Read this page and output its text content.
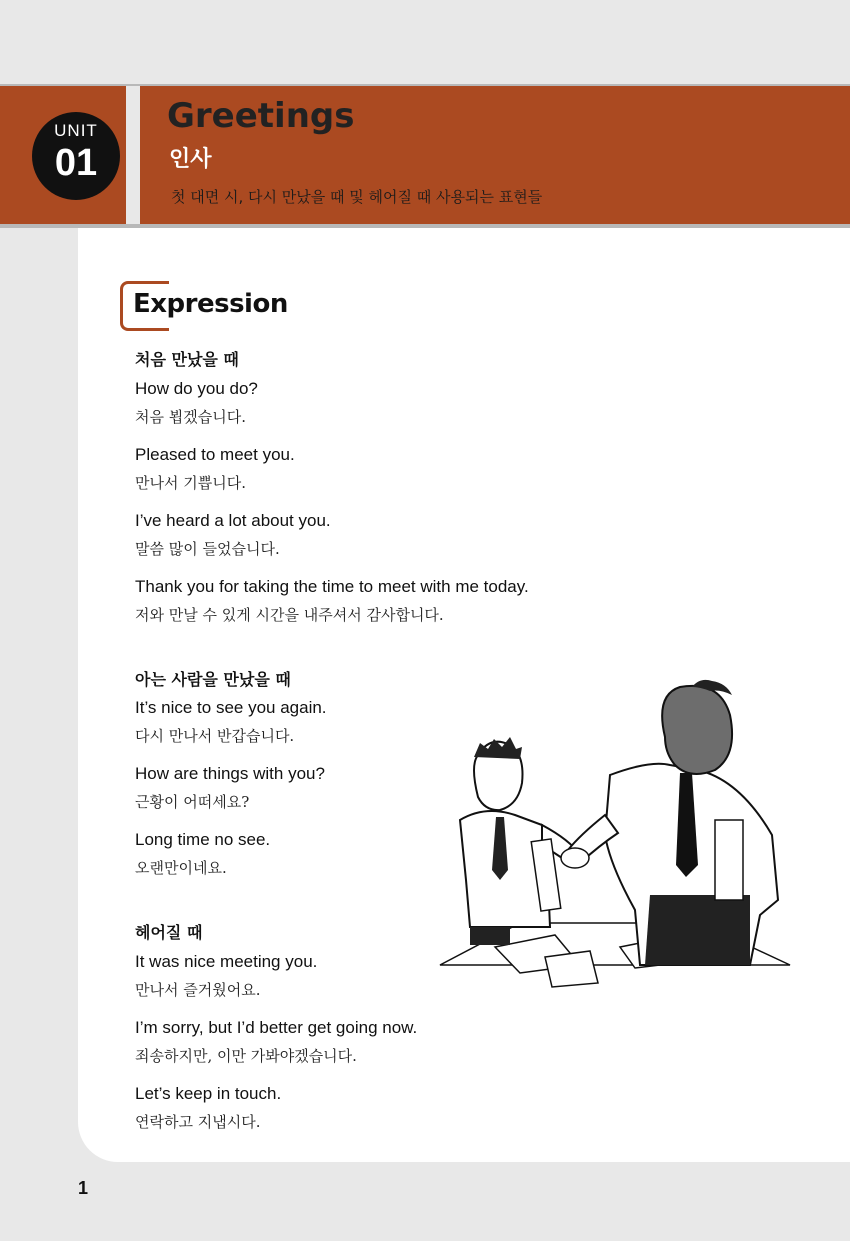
UNIT
01
Greetings
인사
첫 대면 시, 다시 만났을 때 및 헤어질 때 사용되는 표현들
Expression
처음 만났을 때
How do you do?
처음 뵙겠습니다.
Pleased to meet you.
만나서 기쁩니다.
I’ve heard a lot about you.
말씀 많이 들었습니다.
Thank you for taking the time to meet with me today.
저와 만날 수 있게 시간을 내주셔서 감사합니다.
아는 사람을 만났을 때
It’s nice to see you again.
다시 만나서 반갑습니다.
How are things with you?
근황이 어떠세요?
Long time no see.
오랜만이네요.
헤어질 때
It was nice meeting you.
만나서 즐거웠어요.
I’m sorry, but I’d better get going now.
죄송하지만, 이만 가봐야겠습니다.
Let’s keep in touch.
연락하고 지냅시다.
1
